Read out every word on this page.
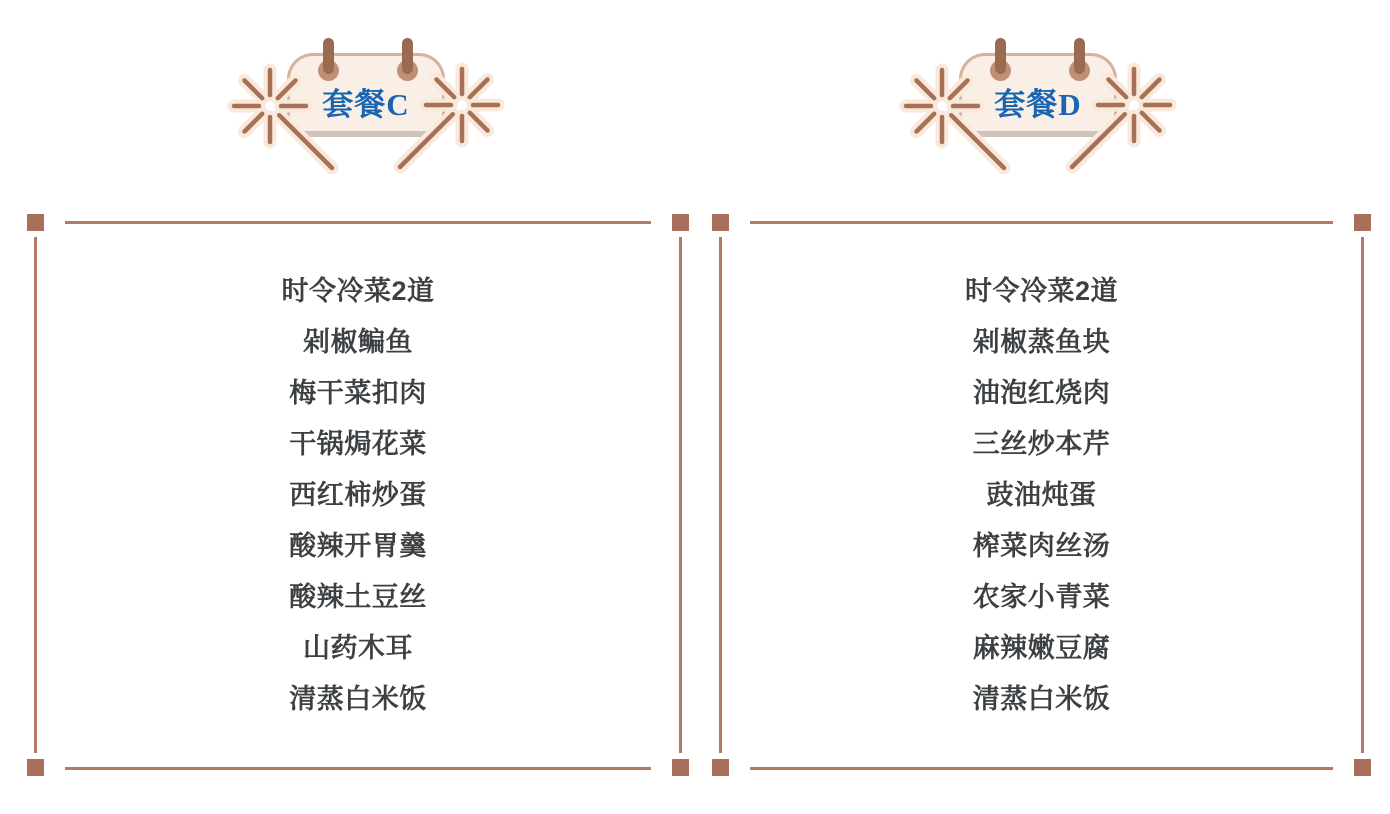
套餐C	套餐D
时令冷菜2道
剁椒鳊鱼
梅干菜扣肉
干锅焗花菜
西红柿炒蛋
酸辣开胃羹
酸辣土豆丝
山药木耳
清蒸白米饭
时令冷菜2道
剁椒蒸鱼块
油泡红烧肉
三丝炒本芹
豉油炖蛋
榨菜肉丝汤
农家小青菜
麻辣嫩豆腐
清蒸白米饭
